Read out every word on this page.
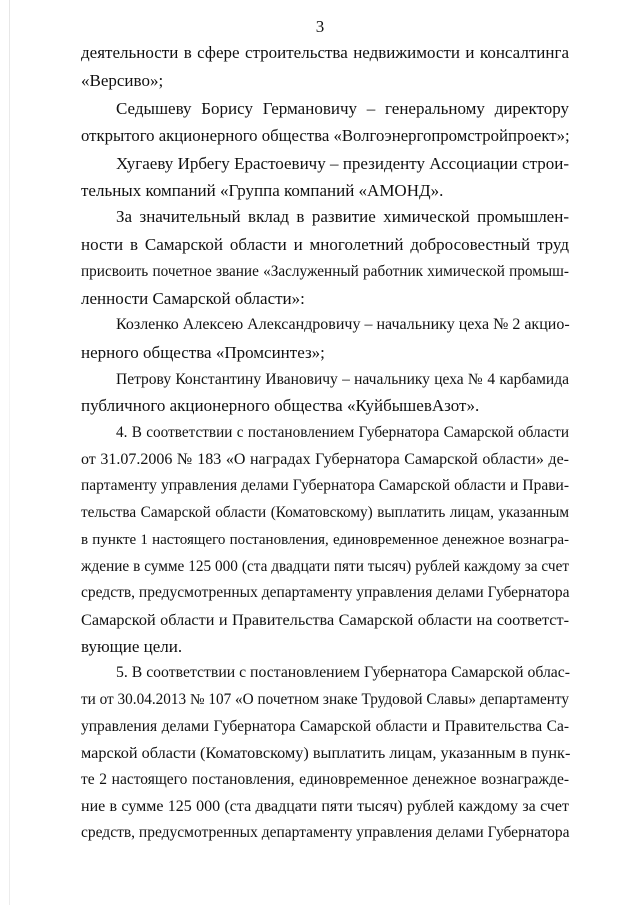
3
деятельности в сфере строительства недвижимости и консалтинга
«Версиво»;
Седышеву Борису Германовичу – генеральному директору
открытого акционерного общества «Волгоэнергопромстройпроект»;
Хугаеву Ирбегу Ерастоевичу – президенту Ассоциации строи-
тельных компаний «Группа компаний «АМОНД».
За значительный вклад в развитие химической промышлен-
ности в Самарской области и многолетний добросовестный труд
присвоить почетное звание «Заслуженный работник химической промыш-
ленности Самарской области»:
Козленко Алексею Александровичу – начальнику цеха № 2 акцио-
нерного общества «Промсинтез»;
Петрову Константину Ивановичу – начальнику цеха № 4 карбамида
публичного акционерного общества «КуйбышевАзот».
4. В соответствии с постановлением Губернатора Самарской области
от 31.07.2006 № 183 «О наградах Губернатора Самарской области» де-
партаменту управления делами Губернатора Самарской области и Прави-
тельства Самарской области (Коматовскому) выплатить лицам, указанным
в пункте 1 настоящего постановления, единовременное денежное вознагра-
ждение в сумме 125 000 (ста двадцати пяти тысяч) рублей каждому за счет
средств, предусмотренных департаменту управления делами Губернатора
Самарской области и Правительства Самарской области на соответст-
вующие цели.
5. В соответствии с постановлением Губернатора Самарской облас-
ти от 30.04.2013 № 107 «О почетном знаке Трудовой Славы» департаменту
управления делами Губернатора Самарской области и Правительства Са-
марской области (Коматовскому) выплатить лицам, указанным в пунк-
те 2 настоящего постановления, единовременное денежное вознагражде-
ние в сумме 125 000 (ста двадцати пяти тысяч) рублей каждому за счет
средств, предусмотренных департаменту управления делами Губернатора
